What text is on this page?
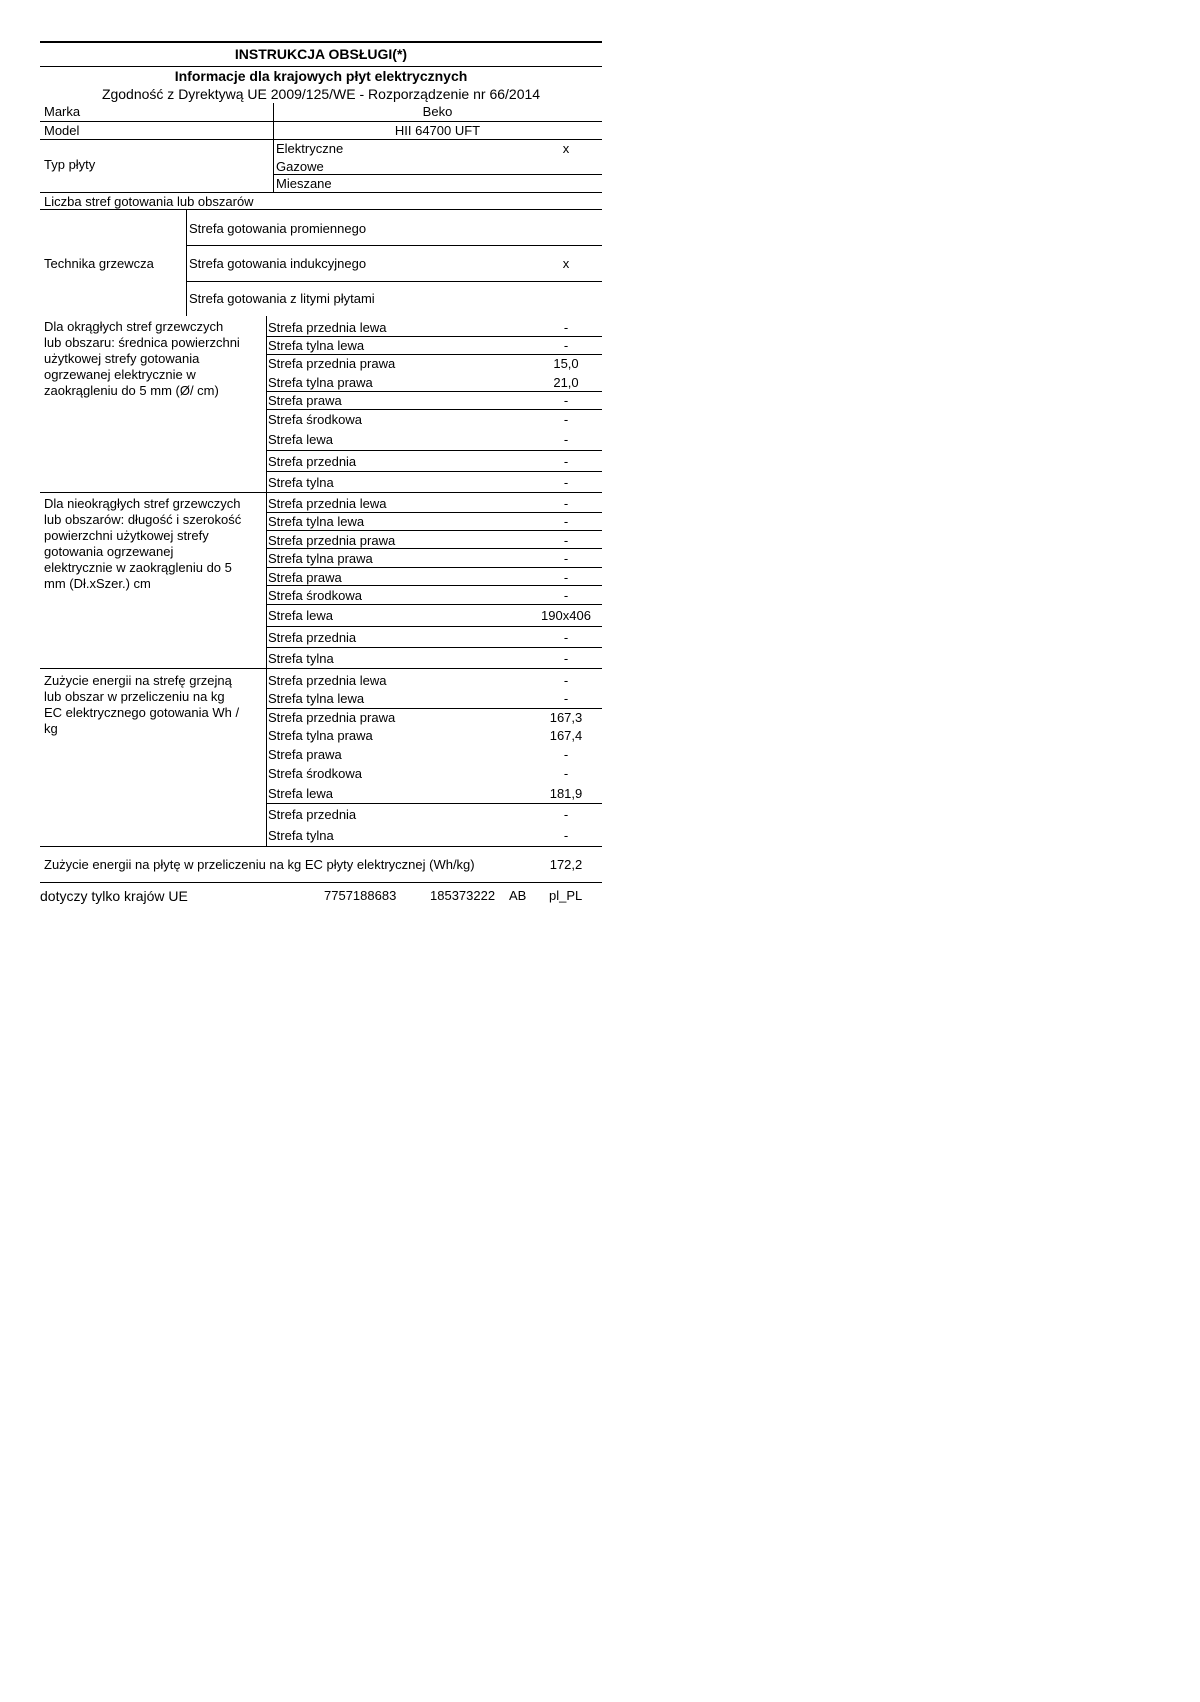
INSTRUKCJA OBSŁUGI(*)
Informacje dla krajowych płyt elektrycznych
Zgodność z Dyrektywą UE 2009/125/WE - Rozporządzenie nr 66/2014
Marka	Beko
Model	HII 64700 UFT
Typ płyty
Elektryczne	x
Gazowe
Mieszane
Liczba stref gotowania lub obszarów
Technika grzewcza
Strefa gotowania promiennego
Strefa gotowania indukcyjnego	x
Strefa gotowania z litymi płytami
Dla okrągłych stref grzewczych
lub obszaru: średnica powierzchni
użytkowej strefy gotowania
ogrzewanej elektrycznie w
zaokrągleniu do 5 mm (Ø/ cm)
Strefa przednia lewa	-
Strefa tylna lewa	-
Strefa przednia prawa	15,0
Strefa tylna prawa	21,0
Strefa prawa	-
Strefa środkowa	-
Strefa lewa	-
Strefa przednia	-
Strefa tylna	-
Dla nieokrągłych stref grzewczych
lub obszarów: długość i szerokość
powierzchni użytkowej strefy
gotowania ogrzewanej
elektrycznie w zaokrągleniu do 5
mm (Dł.xSzer.) cm
Strefa przednia lewa	-
Strefa tylna lewa	-
Strefa przednia prawa	-
Strefa tylna prawa	-
Strefa prawa	-
Strefa środkowa	-
Strefa lewa	190x406
Strefa przednia	-
Strefa tylna	-
Zużycie energii na strefę grzejną
lub obszar w przeliczeniu na kg
EC elektrycznego gotowania Wh /
kg
Strefa przednia lewa	-
Strefa tylna lewa	-
Strefa przednia prawa	167,3
Strefa tylna prawa	167,4
Strefa prawa	-
Strefa środkowa	-
Strefa lewa	181,9
Strefa przednia	-
Strefa tylna	-
Zużycie energii na płytę w przeliczeniu na kg EC płyty elektrycznej (Wh/kg)	172,2
dotyczy tylko krajów UE	7757188683	185373222 AB pl_PL
